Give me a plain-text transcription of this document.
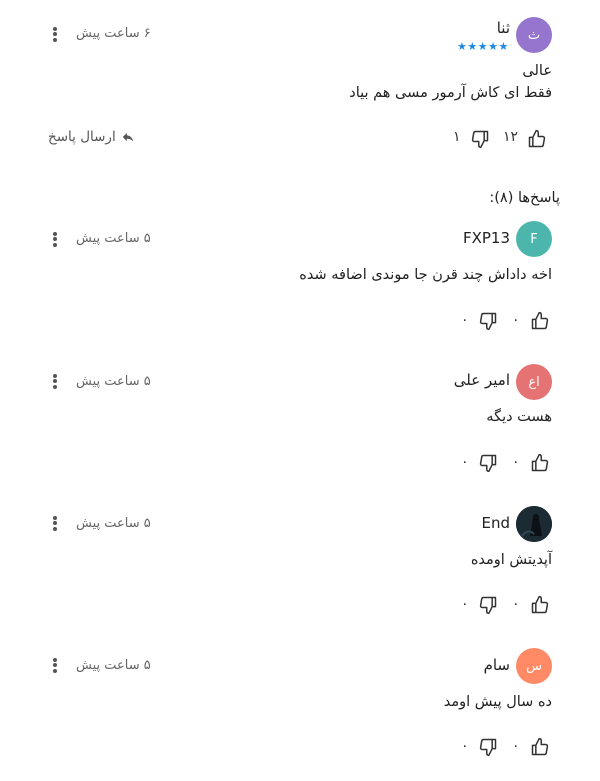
ث
ثنا
★★★★★
۶ ساعت پیش
عالی
فقط ای کاش آرمور مسی هم بیاد
۱۲
۱
ارسال پاسخ
پاسخ‌ها (۸):
F
FXP13
۵ ساعت پیش
اخه داداش چند قرن جا موندی اضافه شده
۰
۰
اع
امیر علی
۵ ساعت پیش
هست دیگه
۰
۰
End
۵ ساعت پیش
آپدیتش اومده
۰
۰
س
سام
۵ ساعت پیش
ده سال پیش اومد
۰
۰
